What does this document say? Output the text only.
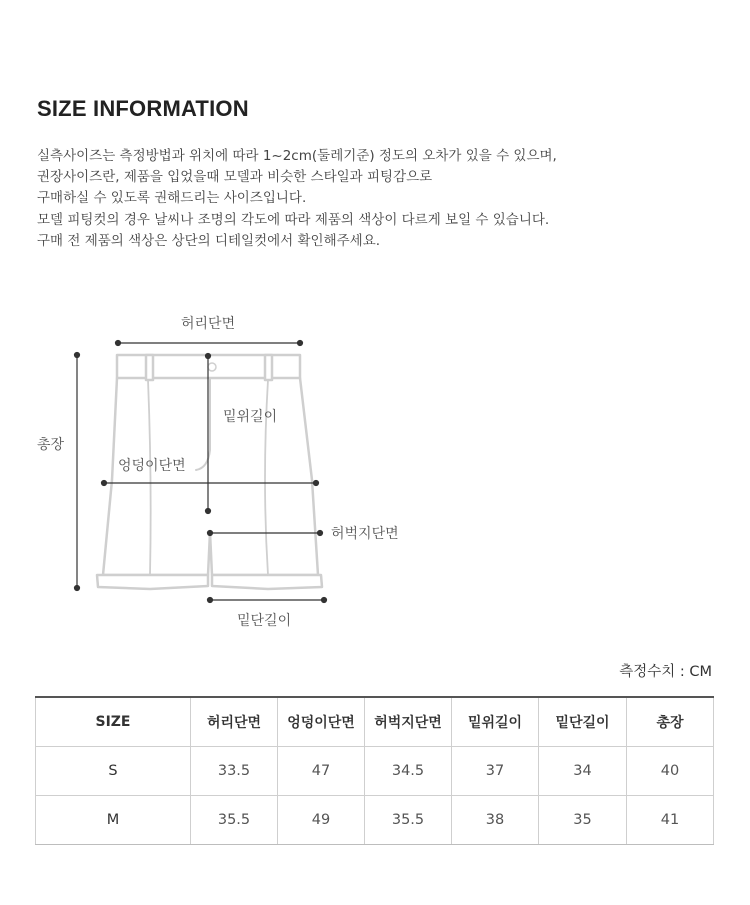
SIZE INFORMATION
실측사이즈는 측정방법과 위치에 따라 1~2cm(둘레기준) 정도의 오차가 있을 수 있으며,
권장사이즈란, 제품을 입었을때 모델과 비슷한 스타일과 피팅감으로
구매하실 수 있도록 권해드리는 사이즈입니다.
모델 피팅컷의 경우 날씨나 조명의 각도에 따라 제품의 색상이 다르게 보일 수 있습니다.
구매 전 제품의 색상은 상단의 디테일컷에서 확인해주세요.
허리단면
총장
밑위길이
엉덩이단면
허벅지단면
밑단길이
측정수치 : CM
SIZE	허리단면	엉덩이단면	허벅지단면	밑위길이	밑단길이	총장
S	33.5	47	34.5	37	34	40
M	35.5	49	35.5	38	35	41
